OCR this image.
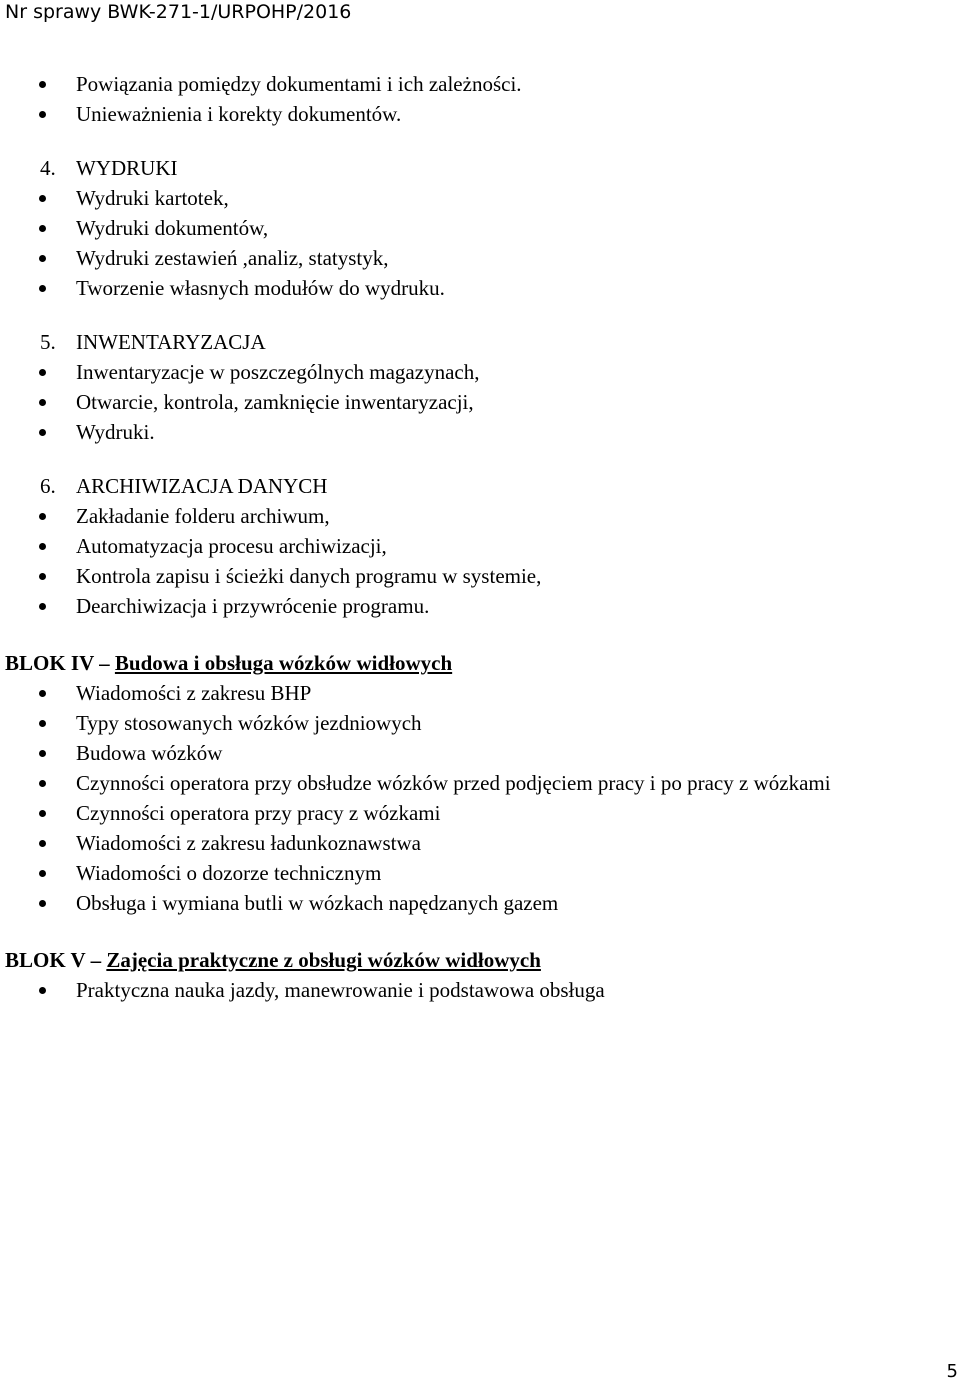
Nr sprawy BWK-271-1/URPOHP/2016
Powiązania pomiędzy dokumentami i ich zależności.
Unieważnienia i korekty dokumentów.
4. WYDRUKI
Wydruki kartotek,
Wydruki dokumentów,
Wydruki zestawień ,analiz, statystyk,
Tworzenie własnych modułów do wydruku.
5. INWENTARYZACJA
Inwentaryzacje w poszczególnych magazynach,
Otwarcie, kontrola, zamknięcie inwentaryzacji,
Wydruki.
6. ARCHIWIZACJA DANYCH
Zakładanie folderu archiwum,
Automatyzacja procesu archiwizacji,
Kontrola zapisu i ścieżki danych programu w systemie,
Dearchiwizacja i przywrócenie programu.
BLOK IV – Budowa i obsługa wózków widłowych
Wiadomości z zakresu BHP
Typy stosowanych wózków jezdniowych
Budowa wózków
Czynności operatora przy obsłudze wózków przed podjęciem pracy i po pracy z wózkami
Czynności operatora przy pracy z wózkami
Wiadomości z zakresu ładunkoznawstwa
Wiadomości o dozorze technicznym
Obsługa i wymiana butli w wózkach napędzanych gazem
BLOK V – Zajęcia praktyczne z obsługi wózków widłowych
Praktyczna nauka jazdy, manewrowanie i podstawowa obsługa
5
